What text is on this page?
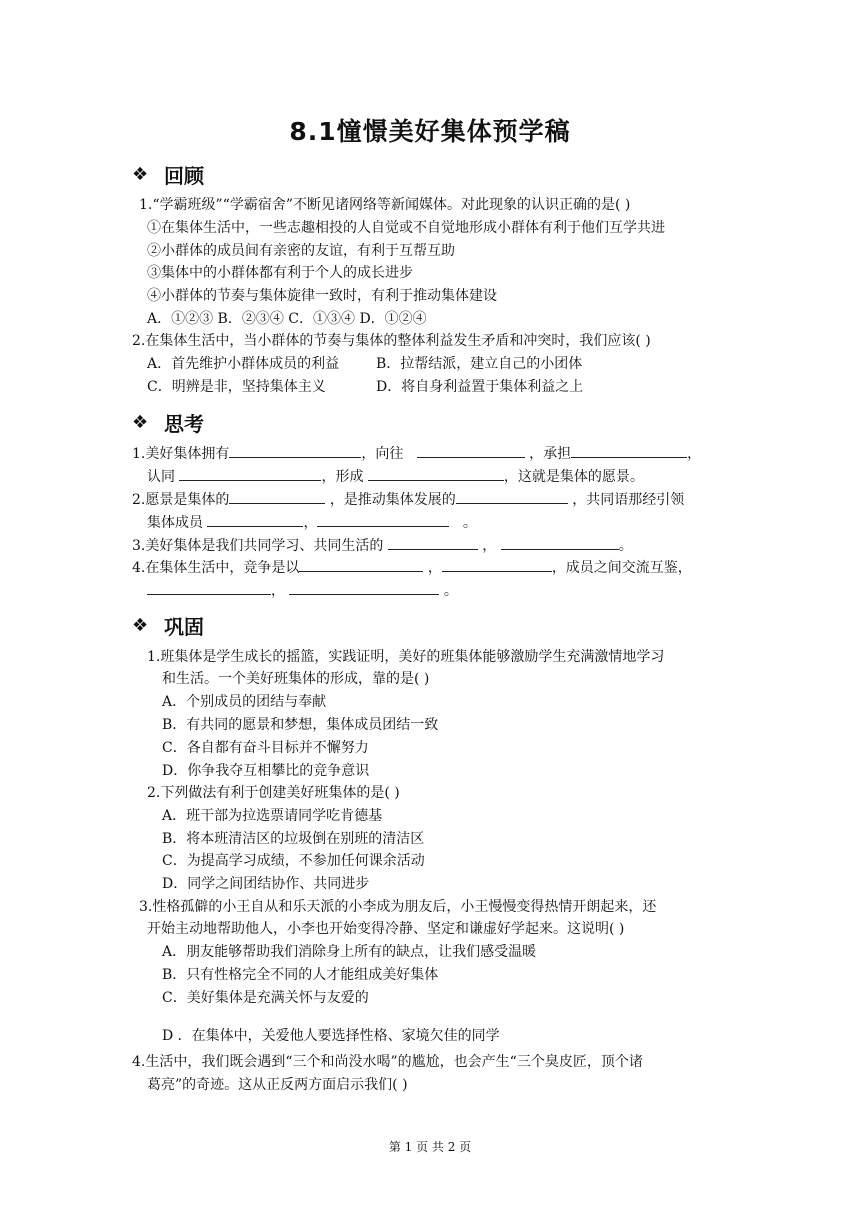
8.1憧憬美好集体预学稿
❖ 回顾
1.“学霸班级”“学霸宿舍”不断见诸网络等新闻媒体。对此现象的认识正确的是( )
①在集体生活中，一些志趣相投的人自觉或不自觉地形成小群体有利于他们互学共进
②小群体的成员间有亲密的友谊，有利于互帮互助
③集体中的小群体都有利于个人的成长进步
④小群体的节奏与集体旋律一致时，有利于推动集体建设
A．①②③ B．②③④ C．①③④ D．①②④
2.在集体生活中，当小群体的节奏与集体的整体利益发生矛盾和冲突时，我们应该( )
A．首先维护小群体成员的利益	B．拉帮结派，建立自己的小团体
C．明辨是非，坚持集体主义	D．将自身利益置于集体利益之上
❖ 思考
1.美好集体拥有	，向往	，承担	，
认同	，形成	，这就是集体的愿景。
2.愿景是集体的	，是推动集体发展的	，共同语那经引领
集体成员	，	。
3.美好集体是我们共同学习、共同生活的	，	。
4.在集体生活中，竞争是以	，	，成员之间交流互鉴，
，	。
❖ 巩固
1.班集体是学生成长的摇篮，实践证明，美好的班集体能够激励学生充满激情地学习
和生活。一个美好班集体的形成，靠的是( )
A．个别成员的团结与奉献
B．有共同的愿景和梦想，集体成员团结一致
C．各自都有奋斗目标并不懈努力
D．你争我夺互相攀比的竞争意识
2.下列做法有利于创建美好班集体的是( )
A．班干部为拉选票请同学吃肯德基
B．将本班清洁区的垃圾倒在别班的清洁区
C．为提高学习成绩，不参加任何课余活动
D．同学之间团结协作、共同进步
3.性格孤僻的小王自从和乐天派的小李成为朋友后，小王慢慢变得热情开朗起来，还
开始主动地帮助他人，小李也开始变得冷静、坚定和谦虚好学起来。这说明( )
A．朋友能够帮助我们消除身上所有的缺点，让我们感受温暖
B．只有性格完全不同的人才能组成美好集体
C．美好集体是充满关怀与友爱的
D ．在集体中，关爱他人要选择性格、家境欠佳的同学
4.生活中，我们既会遇到“三个和尚没水喝”的尴尬，也会产生“三个臭皮匠，顶个诸
葛亮”的奇迹。这从正反两方面启示我们( )
第 1 页 共 2 页
